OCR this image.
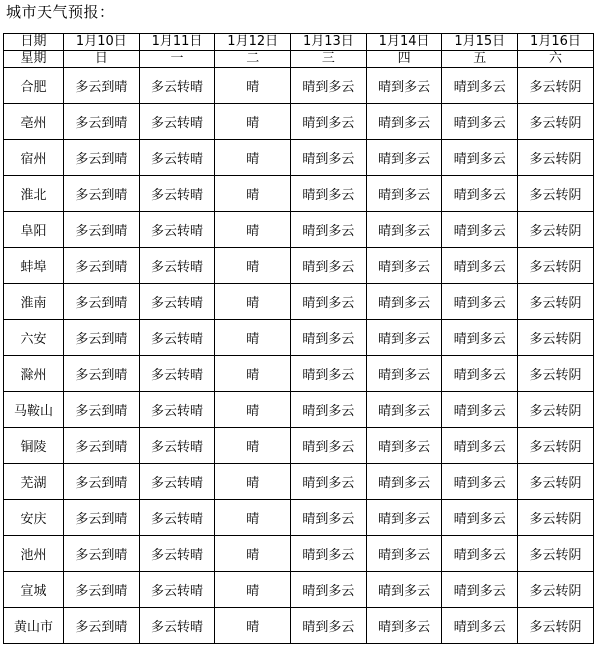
城市天气预报：
日期	1月10日	1月11日	1月12日	1月13日	1月14日	1月15日	1月16日
星期	日	一	二	三	四	五	六
合肥	多云到晴	多云转晴	晴	晴到多云	晴到多云	晴到多云	多云转阴
亳州	多云到晴	多云转晴	晴	晴到多云	晴到多云	晴到多云	多云转阴
宿州	多云到晴	多云转晴	晴	晴到多云	晴到多云	晴到多云	多云转阴
淮北	多云到晴	多云转晴	晴	晴到多云	晴到多云	晴到多云	多云转阴
阜阳	多云到晴	多云转晴	晴	晴到多云	晴到多云	晴到多云	多云转阴
蚌埠	多云到晴	多云转晴	晴	晴到多云	晴到多云	晴到多云	多云转阴
淮南	多云到晴	多云转晴	晴	晴到多云	晴到多云	晴到多云	多云转阴
六安	多云到晴	多云转晴	晴	晴到多云	晴到多云	晴到多云	多云转阴
滁州	多云到晴	多云转晴	晴	晴到多云	晴到多云	晴到多云	多云转阴
马鞍山	多云到晴	多云转晴	晴	晴到多云	晴到多云	晴到多云	多云转阴
铜陵	多云到晴	多云转晴	晴	晴到多云	晴到多云	晴到多云	多云转阴
芜湖	多云到晴	多云转晴	晴	晴到多云	晴到多云	晴到多云	多云转阴
安庆	多云到晴	多云转晴	晴	晴到多云	晴到多云	晴到多云	多云转阴
池州	多云到晴	多云转晴	晴	晴到多云	晴到多云	晴到多云	多云转阴
宣城	多云到晴	多云转晴	晴	晴到多云	晴到多云	晴到多云	多云转阴
黄山市	多云到晴	多云转晴	晴	晴到多云	晴到多云	晴到多云	多云转阴
